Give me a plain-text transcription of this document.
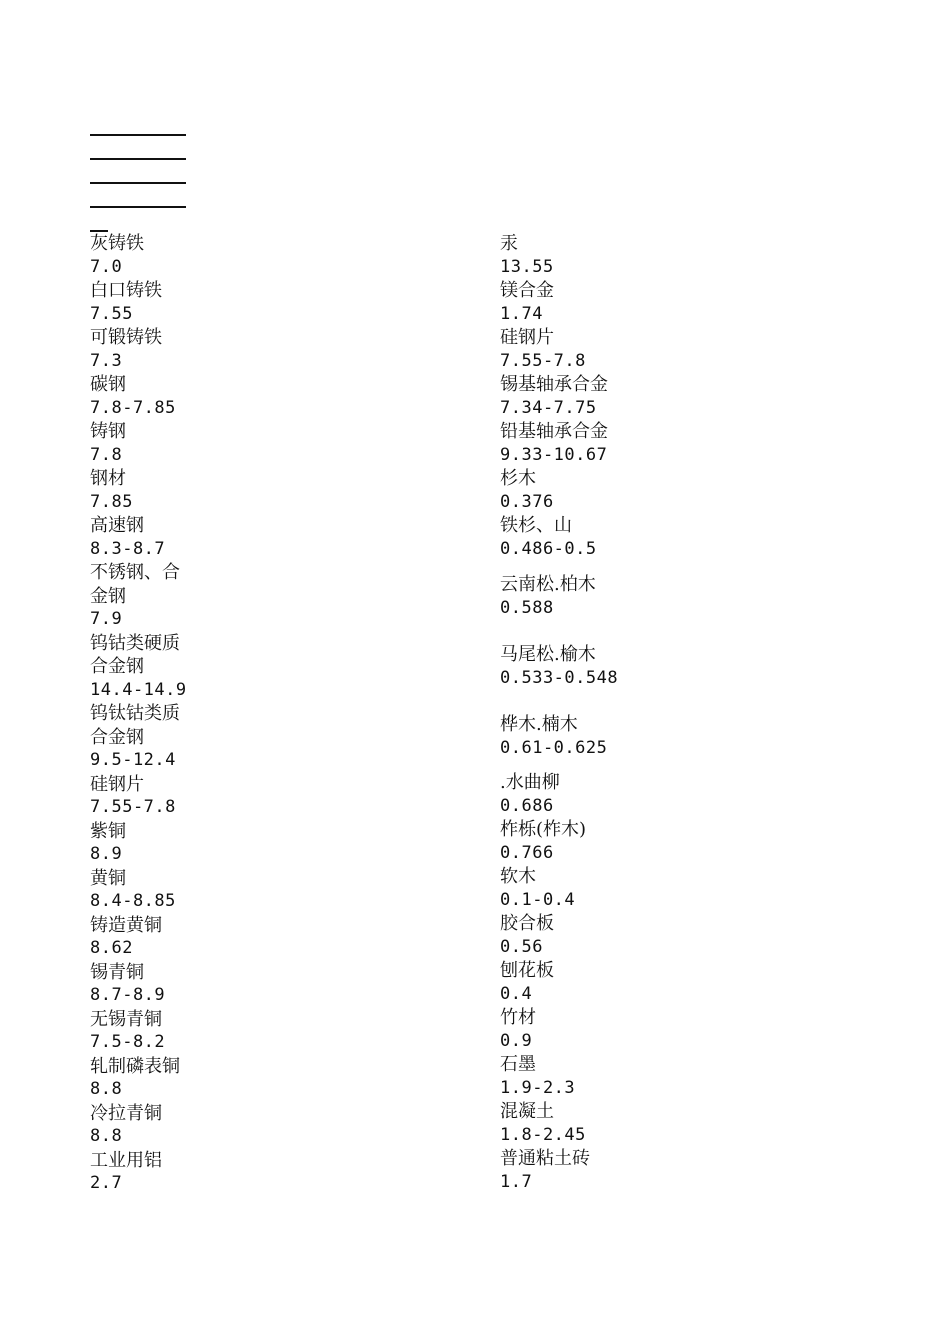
灰铸铁
7.0
白口铸铁
7.55
可锻铸铁
7.3
碳钢
7.8-7.85
铸钢
7.8
钢材
7.85
高速钢
8.3-8.7
不锈钢、合金钢
7.9
钨钴类硬质合金钢
14.4-14.9
钨钛钴类质合金钢
9.5-12.4
硅钢片
7.55-7.8
紫铜
8.9
黄铜
8.4-8.85
铸造黄铜
8.62
锡青铜
8.7-8.9
无锡青铜
7.5-8.2
轧制磷表铜
8.8
冷拉青铜
8.8
工业用铝
2.7
汞
13.55
镁合金
1.74
硅钢片
7.55-7.8
锡基轴承合金
7.34-7.75
铅基轴承合金
9.33-10.67
杉木
0.376
铁杉、山
0.486-0.5
云南松.柏木
0.588
马尾松.榆木
0.533-0.548
桦木.楠木
0.61-0.625
.水曲柳
0.686
柞栎(柞木)
0.766
软木
0.1-0.4
胶合板
0.56
刨花板
0.4
竹材
0.9
石墨
1.9-2.3
混凝土
1.8-2.45
普通粘土砖
1.7
